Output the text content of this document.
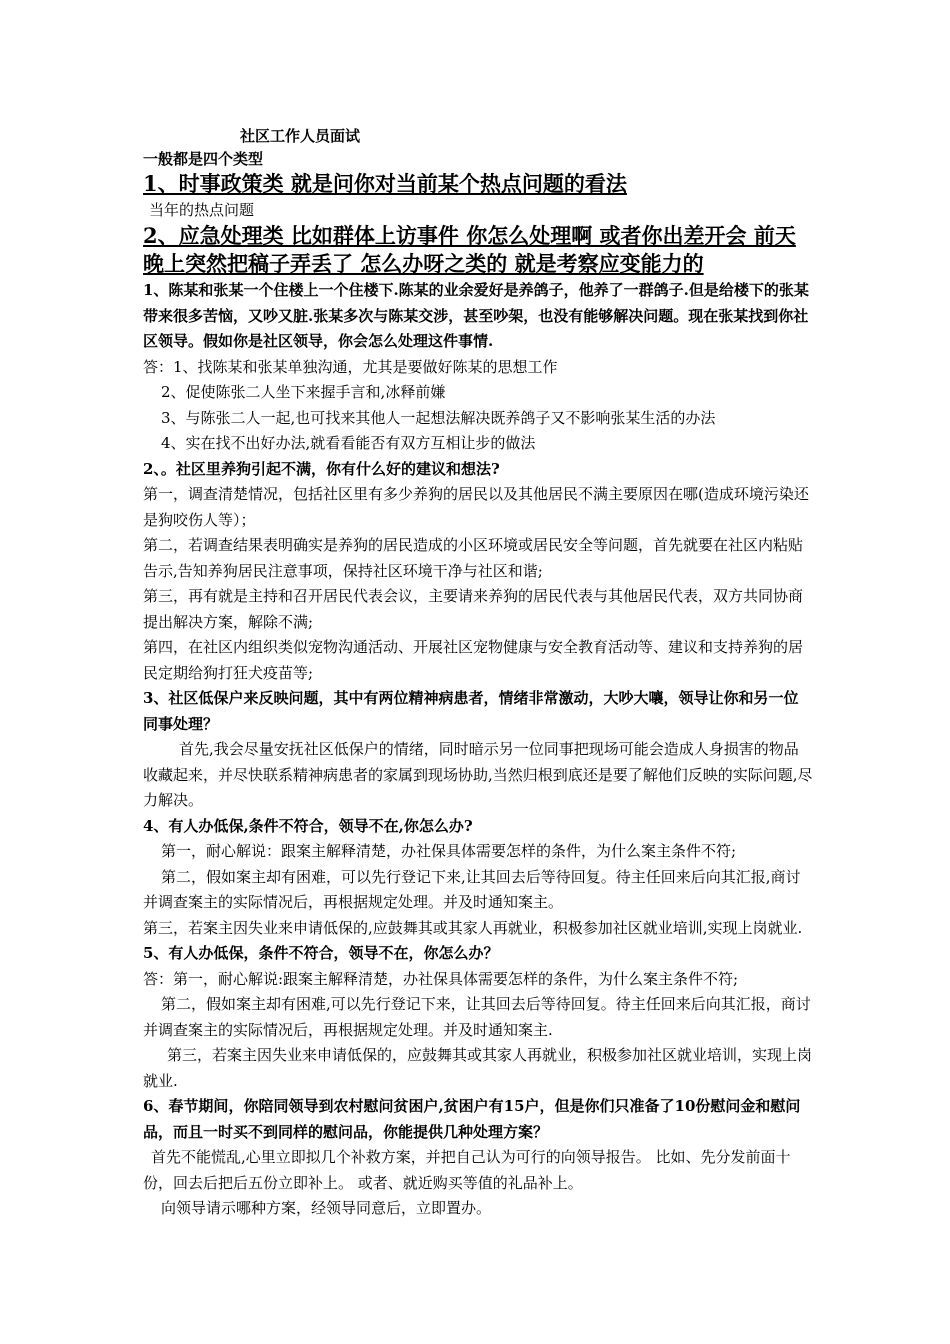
社区工作人员面试
一般都是四个类型
1、时事政策类 就是问你对当前某个热点问题的看法
当年的热点问题
2、应急处理类 比如群体上访事件 你怎么处理啊 或者你出差开会 前天晚上突然把稿子弄丢了 怎么办呀之类的 就是考察应变能力的
1、陈某和张某一个住楼上一个住楼下.陈某的业余爱好是养鸽子，他养了一群鸽子.但是给楼下的张某带来很多苦恼，又吵又脏.张某多次与陈某交涉，甚至吵架，也没有能够解决问题。现在张某找到你社区领导。假如你是社区领导，你会怎么处理这件事情.
答：1、找陈某和张某单独沟通，尤其是要做好陈某的思想工作
2、促使陈张二人坐下来握手言和,冰释前嫌
3、与陈张二人一起,也可找来其他人一起想法解决既养鸽子又不影响张某生活的办法
4、实在找不出好办法,就看看能否有双方互相让步的做法
2、。社区里养狗引起不满，你有什么好的建议和想法?
第一，调查清楚情况，包括社区里有多少养狗的居民以及其他居民不满主要原因在哪(造成环境污染还是狗咬伤人等）；
第二，若调查结果表明确实是养狗的居民造成的小区环境或居民安全等问题，首先就要在社区内粘贴告示,告知养狗居民注意事项，保持社区环境干净与社区和谐;
第三，再有就是主持和召开居民代表会议，主要请来养狗的居民代表与其他居民代表，双方共同协商提出解决方案，解除不满;
第四，在社区内组织类似宠物沟通活动、开展社区宠物健康与安全教育活动等、建议和支持养狗的居民定期给狗打狂犬疫苗等;
3、社区低保户来反映问题，其中有两位精神病患者，情绪非常激动，大吵大嚷，领导让你和另一位同事处理？
首先,我会尽量安抚社区低保户的情绪，同时暗示另一位同事把现场可能会造成人身损害的物品收藏起来，并尽快联系精神病患者的家属到现场协助,当然归根到底还是要了解他们反映的实际问题,尽力解决。
4、有人办低保,条件不符合，领导不在,你怎么办?
第一，耐心解说：跟案主解释清楚，办社保具体需要怎样的条件，为什么案主条件不符;
第二，假如案主却有困难，可以先行登记下来,让其回去后等待回复。待主任回来后向其汇报,商讨并调查案主的实际情况后，再根据规定处理。并及时通知案主。
第三，若案主因失业来申请低保的,应鼓舞其或其家人再就业，积极参加社区就业培训,实现上岗就业.
5、有人办低保，条件不符合，领导不在，你怎么办？
答：第一，耐心解说:跟案主解释清楚，办社保具体需要怎样的条件，为什么案主条件不符;
第二，假如案主却有困难,可以先行登记下来，让其回去后等待回复。待主任回来后向其汇报，商讨并调查案主的实际情况后，再根据规定处理。并及时通知案主.
第三，若案主因失业来申请低保的，应鼓舞其或其家人再就业，积极参加社区就业培训，实现上岗就业.
6、春节期间，你陪同领导到农村慰问贫困户,贫困户有15户，但是你们只准备了10份慰问金和慰问品，而且一时买不到同样的慰问品，你能提供几种处理方案？
首先不能慌乱,心里立即拟几个补救方案，并把自己认为可行的向领导报告。 比如、先分发前面十份，回去后把后五份立即补上。 或者、就近购买等值的礼品补上。
向领导请示哪种方案，经领导同意后，立即置办。
